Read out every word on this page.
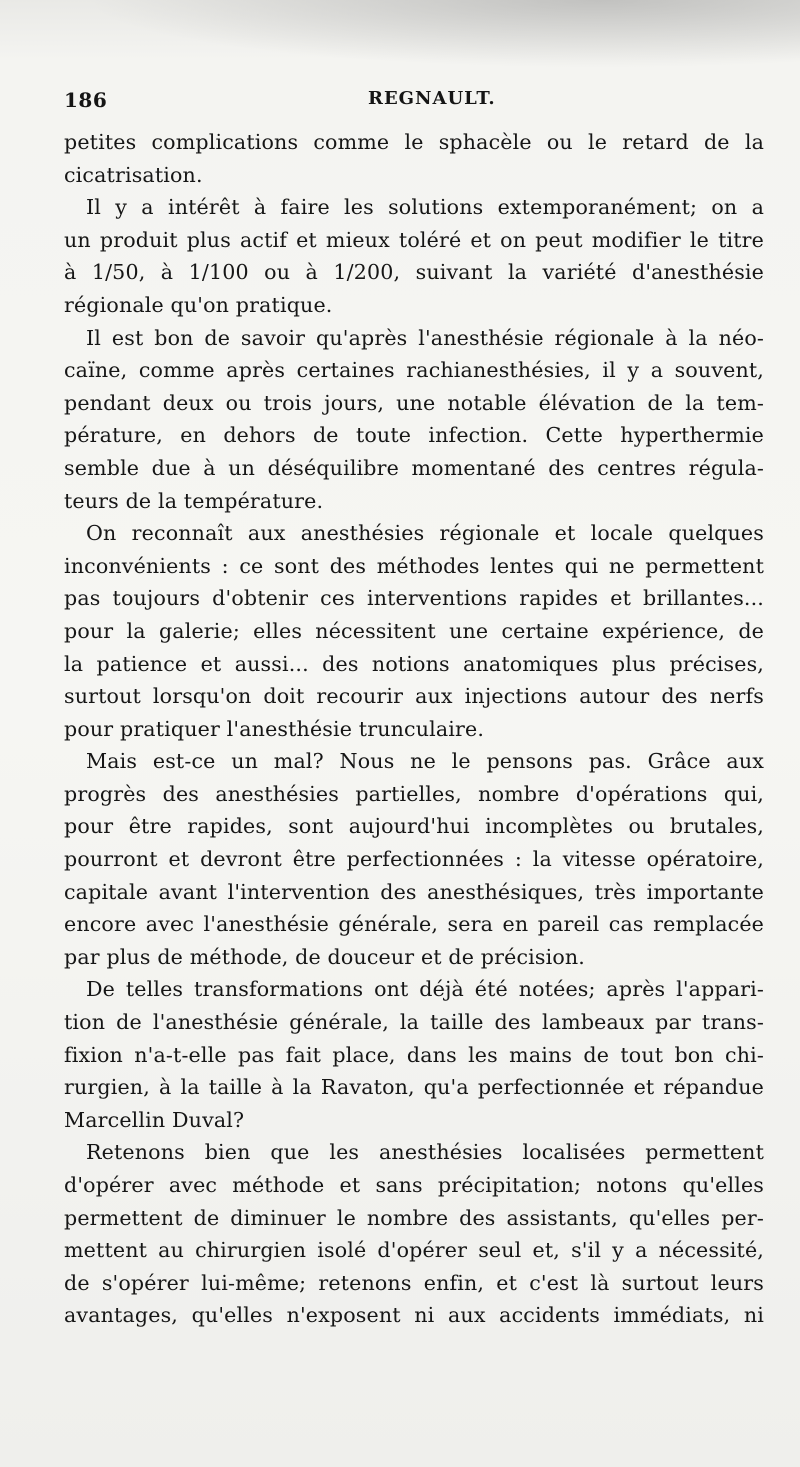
186	REGNAULT.
petites complications comme le sphacèle ou le retard de la
cicatrisation.
Il y a intérêt à faire les solutions extemporanément; on a
un produit plus actif et mieux toléré et on peut modifier le titre
à 1/50, à 1/100 ou à 1/200, suivant la variété d'anesthésie
régionale qu'on pratique.
Il est bon de savoir qu'après l'anesthésie régionale à la néo-
caïne, comme après certaines rachianesthésies, il y a souvent,
pendant deux ou trois jours, une notable élévation de la tem-
pérature, en dehors de toute infection. Cette hyperthermie
semble due à un déséquilibre momentané des centres régula-
teurs de la température.
On reconnaît aux anesthésies régionale et locale quelques
inconvénients : ce sont des méthodes lentes qui ne permettent
pas toujours d'obtenir ces interventions rapides et brillantes...
pour la galerie; elles nécessitent une certaine expérience, de
la patience et aussi... des notions anatomiques plus précises,
surtout lorsqu'on doit recourir aux injections autour des nerfs
pour pratiquer l'anesthésie trunculaire.
Mais est-ce un mal? Nous ne le pensons pas. Grâce aux
progrès des anesthésies partielles, nombre d'opérations qui,
pour être rapides, sont aujourd'hui incomplètes ou brutales,
pourront et devront être perfectionnées : la vitesse opératoire,
capitale avant l'intervention des anesthésiques, très importante
encore avec l'anesthésie générale, sera en pareil cas remplacée
par plus de méthode, de douceur et de précision.
De telles transformations ont déjà été notées; après l'appari-
tion de l'anesthésie générale, la taille des lambeaux par trans-
fixion n'a-t-elle pas fait place, dans les mains de tout bon chi-
rurgien, à la taille à la Ravaton, qu'a perfectionnée et répandue
Marcellin Duval?
Retenons bien que les anesthésies localisées permettent
d'opérer avec méthode et sans précipitation; notons qu'elles
permettent de diminuer le nombre des assistants, qu'elles per-
mettent au chirurgien isolé d'opérer seul et, s'il y a nécessité,
de s'opérer lui-même; retenons enfin, et c'est là surtout leurs
avantages, qu'elles n'exposent ni aux accidents immédiats, ni
